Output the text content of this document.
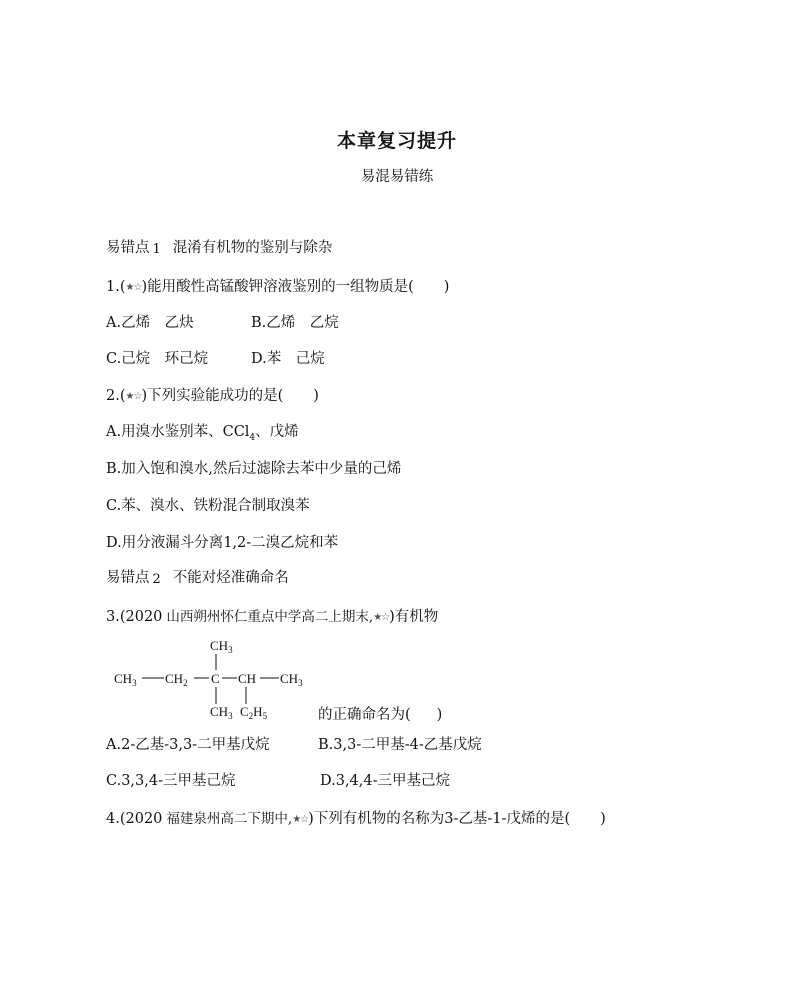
本章复习提升
易混易错练
易错点 1 混淆有机物的鉴别与除杂
1.(★☆)能用酸性高锰酸钾溶液鉴别的一组物质是( )
A.乙烯　乙炔	B.乙烯　乙烷
C.己烷　环己烷	D.苯　己烷
2.(★☆)下列实验能成功的是( )
A.用溴水鉴别苯、CCl$_4$、戊烯
B.加入饱和溴水,然后过滤除去苯中少量的己烯
C.苯、溴水、铁粉混合制取溴苯
D.用分液漏斗分离1,2-二溴乙烷和苯
易错点 2 不能对烃准确命名
3.(2020 山西朔州怀仁重点中学高二上期末,★☆)有机物
$CH_3$
$CH_3$ $CH_2$ C CH $CH_3$
$CH_3$ $C_2H_5$	的正确命名为( )
A.2-乙基-3,3-二甲基戊烷	B.3,3-二甲基-4-乙基戊烷
C.3,3,4-三甲基己烷	D.3,4,4-三甲基己烷
4.(2020 福建泉州高二下期中,★☆)下列有机物的名称为3-乙基-1-戊烯的是( )
